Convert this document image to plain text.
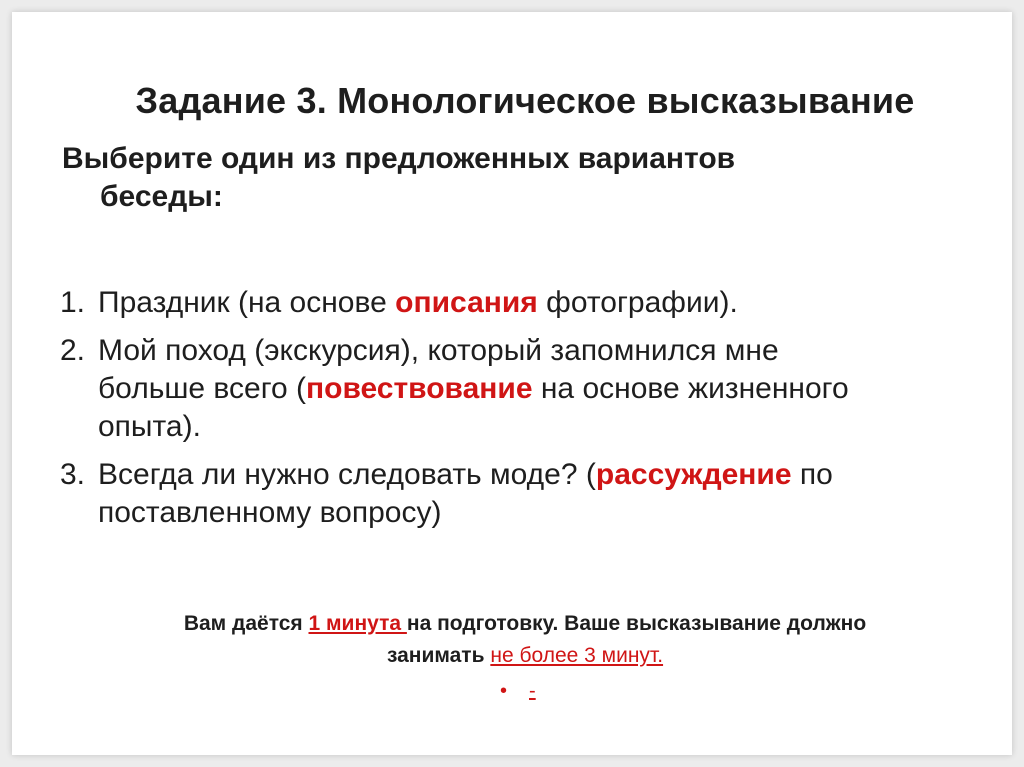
Задание 3. Монологическое высказывание
Выберите один из предложенных вариантов
беседы:
1. Праздник (на основе описания фотографии).
2. Мой поход (экскурсия), который запомнился мне
больше всего (повествование на основе жизненного
опыта).
3. Всегда ли нужно следовать моде? (рассуждение по
поставленному вопросу)
Вам даётся 1 минута на подготовку. Ваше высказывание должно
занимать не более 3 минут.
• -
